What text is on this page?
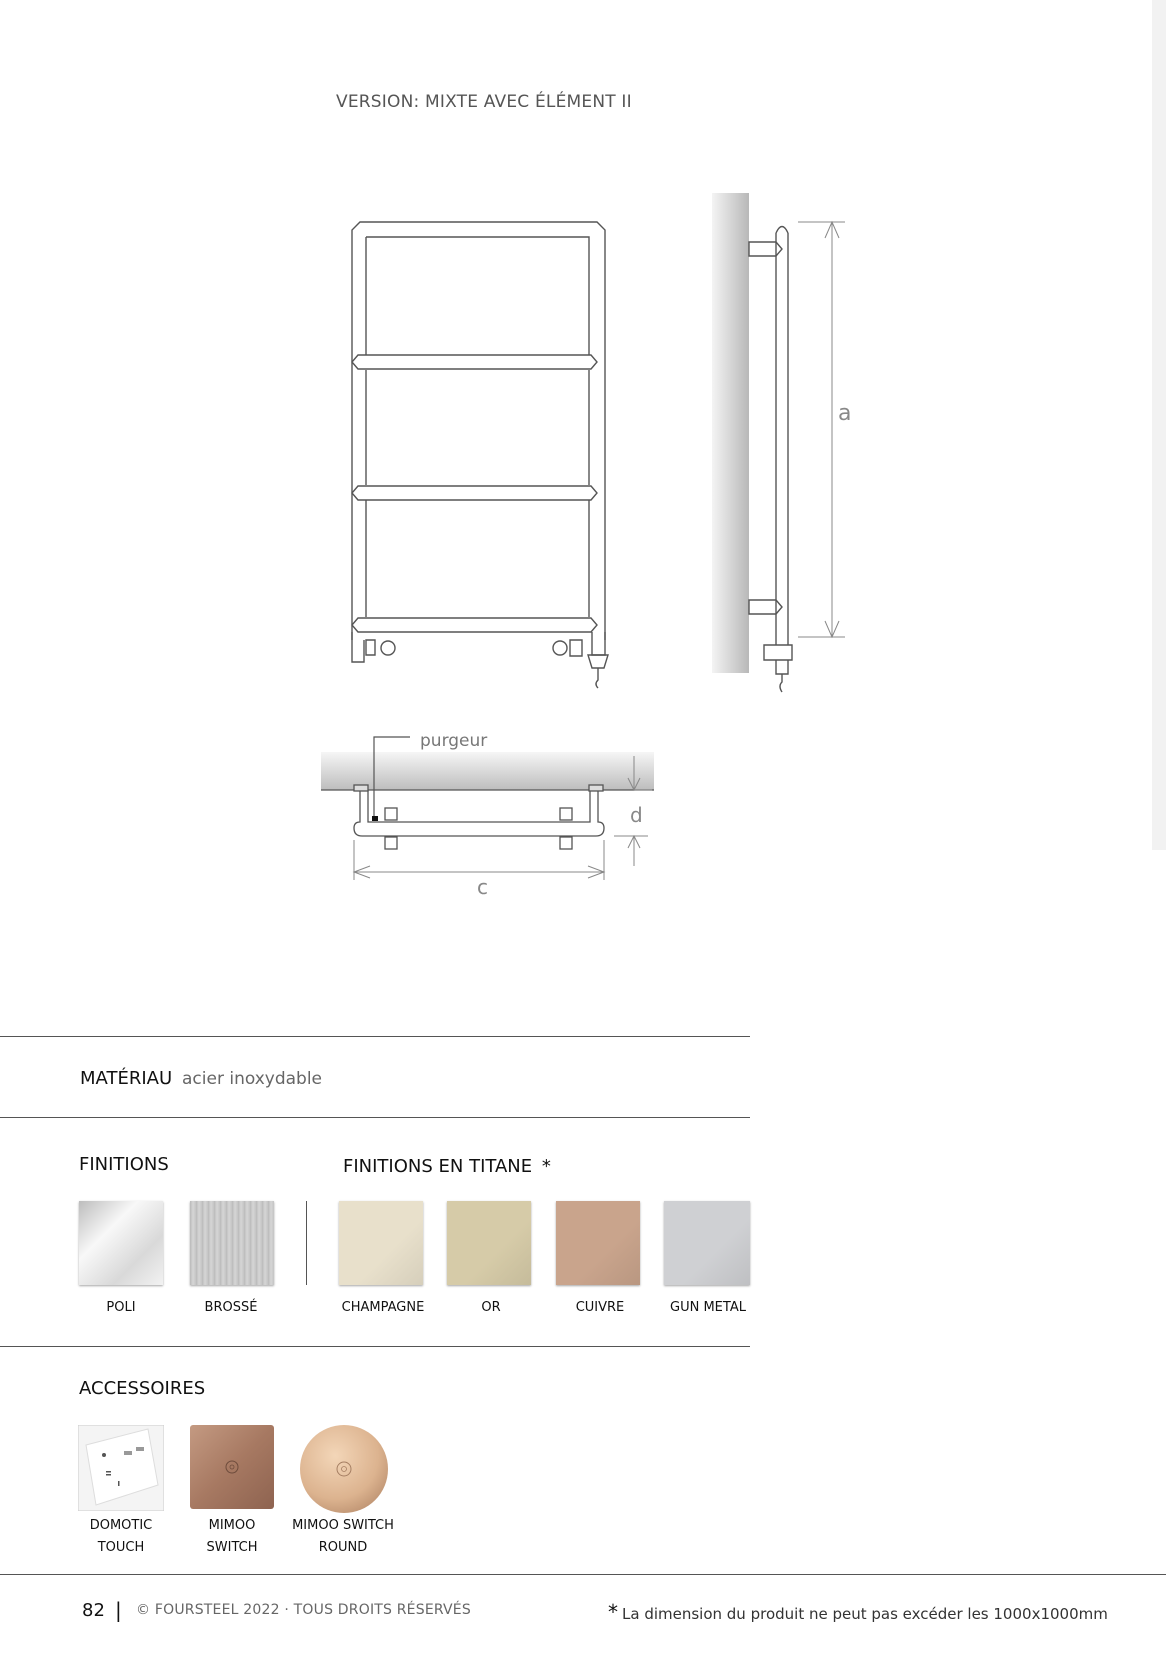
VERSION: MIXTE AVEC ÉLÉMENT II
a
purgeur
d
c
MATÉRIAU acier inoxydable
FINITIONS	FINITIONS EN TITANE *
POLI	BROSSÉ	CHAMPAGNE	OR	CUIVRE	GUN METAL
ACCESSOIRES
DOMOTIC
TOUCH
MIMOO
SWITCH
MIMOO SWITCH
ROUND
82 | © FOURSTEEL 2022 · TOUS DROITS RÉSERVÉS	* La dimension du produit ne peut pas excéder les 1000x1000mm
